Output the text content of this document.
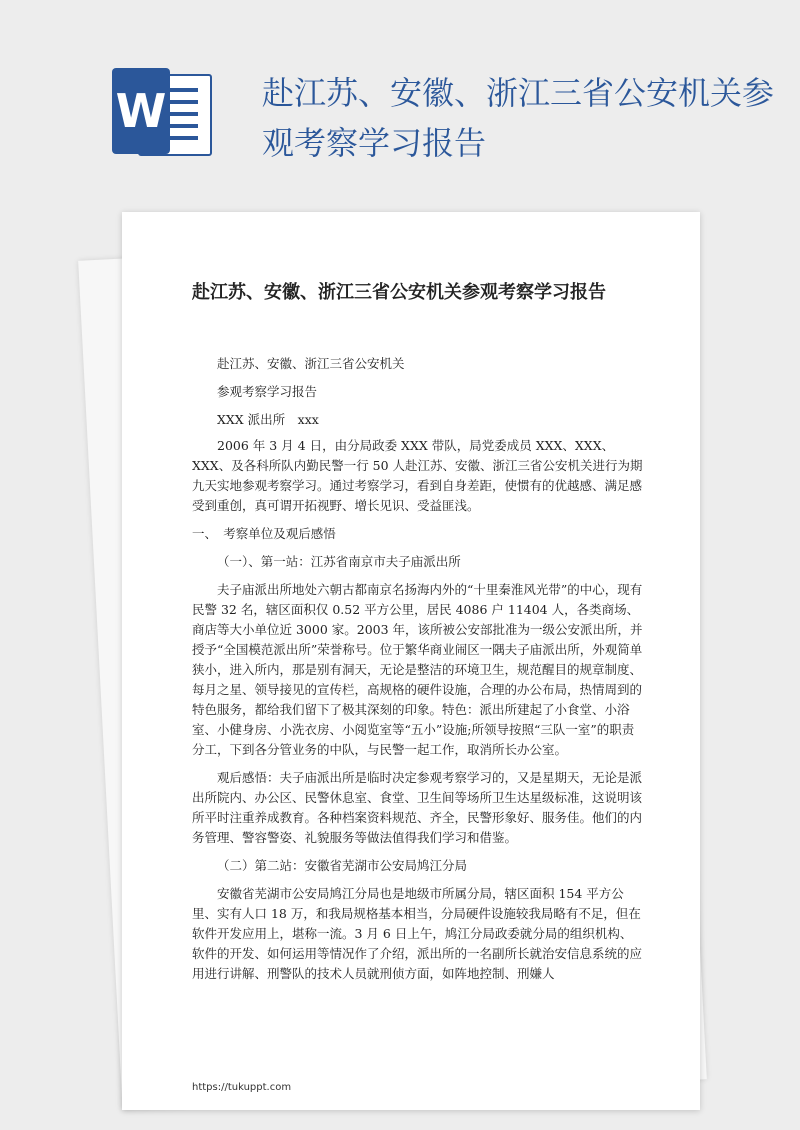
W	赴江苏、安徽、浙江三省公安机关参观考察学习报告
赴江苏、安徽、浙江三省公安机关参观考察学习报告

赴江苏、安徽、浙江三省公安机关

参观考察学习报告

XXX 派出所　xxx

2006 年 3 月 4 日，由分局政委 XXX 带队，局党委成员 XXX、XXX、XXX、及各科所队内勤民警一行 50 人赴江苏、安徽、浙江三省公安机关进行为期九天实地参观考察学习。通过考察学习，看到自身差距，使惯有的优越感、满足感受到重创，真可谓开拓视野、增长见识、受益匪浅。

一、　考察单位及观后感悟

（一）、第一站：江苏省南京市夫子庙派出所

夫子庙派出所地处六朝古都南京名扬海内外的“十里秦淮风光带”的中心，现有民警 32 名，辖区面积仅 0.52 平方公里，居民 4086 户 11404 人，各类商场、商店等大小单位近 3000 家。2003 年，该所被公安部批准为一级公安派出所，并授予“全国模范派出所”荣誉称号。位于繁华商业闹区一隅夫子庙派出所，外观简单狭小，进入所内，那是别有洞天，无论是整洁的环境卫生，规范醒目的规章制度、每月之星、领导接见的宣传栏，高规格的硬件设施，合理的办公布局，热情周到的特色服务，都给我们留下了极其深刻的印象。特色：派出所建起了小食堂、小浴室、小健身房、小洗衣房、小阅览室等“五小”设施;所领导按照“三队一室”的职责分工，下到各分管业务的中队，与民警一起工作，取消所长办公室。

观后感悟：夫子庙派出所是临时决定参观考察学习的，又是星期天，无论是派出所院内、办公区、民警休息室、食堂、卫生间等场所卫生达星级标准，这说明该所平时注重养成教育。各种档案资料规范、齐全，民警形象好、服务佳。他们的内务管理、警容警姿、礼貌服务等做法值得我们学习和借鉴。

（二）第二站：安徽省芜湖市公安局鸠江分局

安徽省芜湖市公安局鸠江分局也是地级市所属分局，辖区面积 154 平方公里、实有人口 18 万，和我局规格基本相当，分局硬件设施较我局略有不足，但在软件开发应用上，堪称一流。3 月 6 日上午，鸠江分局政委就分局的组织机构、软件的开发、如何运用等情况作了介绍，派出所的一名副所长就治安信息系统的应用进行讲解、刑警队的技术人员就刑侦方面，如阵地控制、刑嫌人

https://tukuppt.com
